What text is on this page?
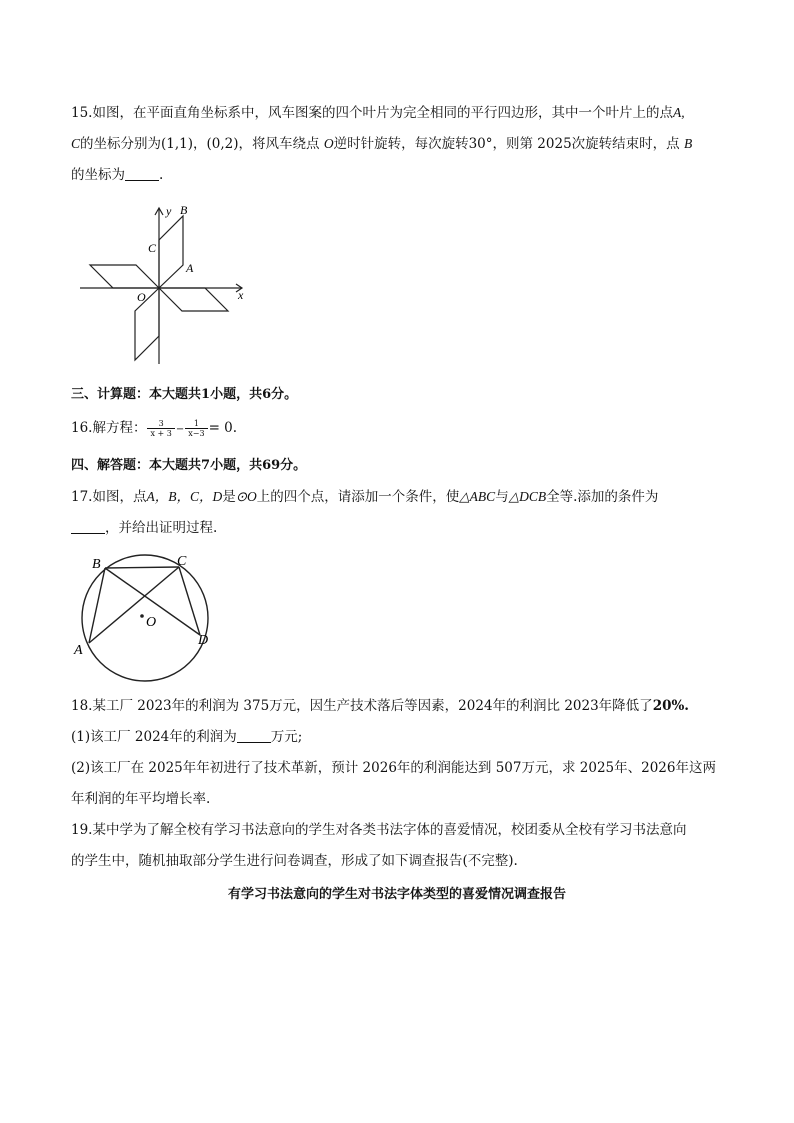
15.如图，在平面直角坐标系中，风车图案的四个叶片为完全相同的平行四边形，其中一个叶片上的点A,
C的坐标分别为(1,1)，(0,2)，将风车绕点 O逆时针旋转，每次旋转30°，则第 2025次旋转结束时，点 B
的坐标为	.
y
x
B
C
A
O
三、计算题：本大题共1小题，共6分。
16.解方程： $\frac{3}{x + 3} - \frac{1}{x-3} = 0$.
四、解答题：本大题共7小题，共69分。
17.如图，点A，B，C，D是⊙O上的四个点，请添加一个条件，使△ABC与△DCB全等.添加的条件为
，并给出证明过程.
B	C
A
D
O
18.某工厂 2023年的利润为 375万元，因生产技术落后等因素，2024年的利润比 2023年降低了20%.
(1)该工厂 2024年的利润为	万元;
(2)该工厂在 2025年年初进行了技术革新，预计 2026年的利润能达到 507万元，求 2025年、2026年这两
年利润的年平均增长率.
19.某中学为了解全校有学习书法意向的学生对各类书法字体的喜爱情况，校团委从全校有学习书法意向
的学生中，随机抽取部分学生进行问卷调查，形成了如下调查报告(不完整).
有学习书法意向的学生对书法字体类型的喜爱情况调查报告
